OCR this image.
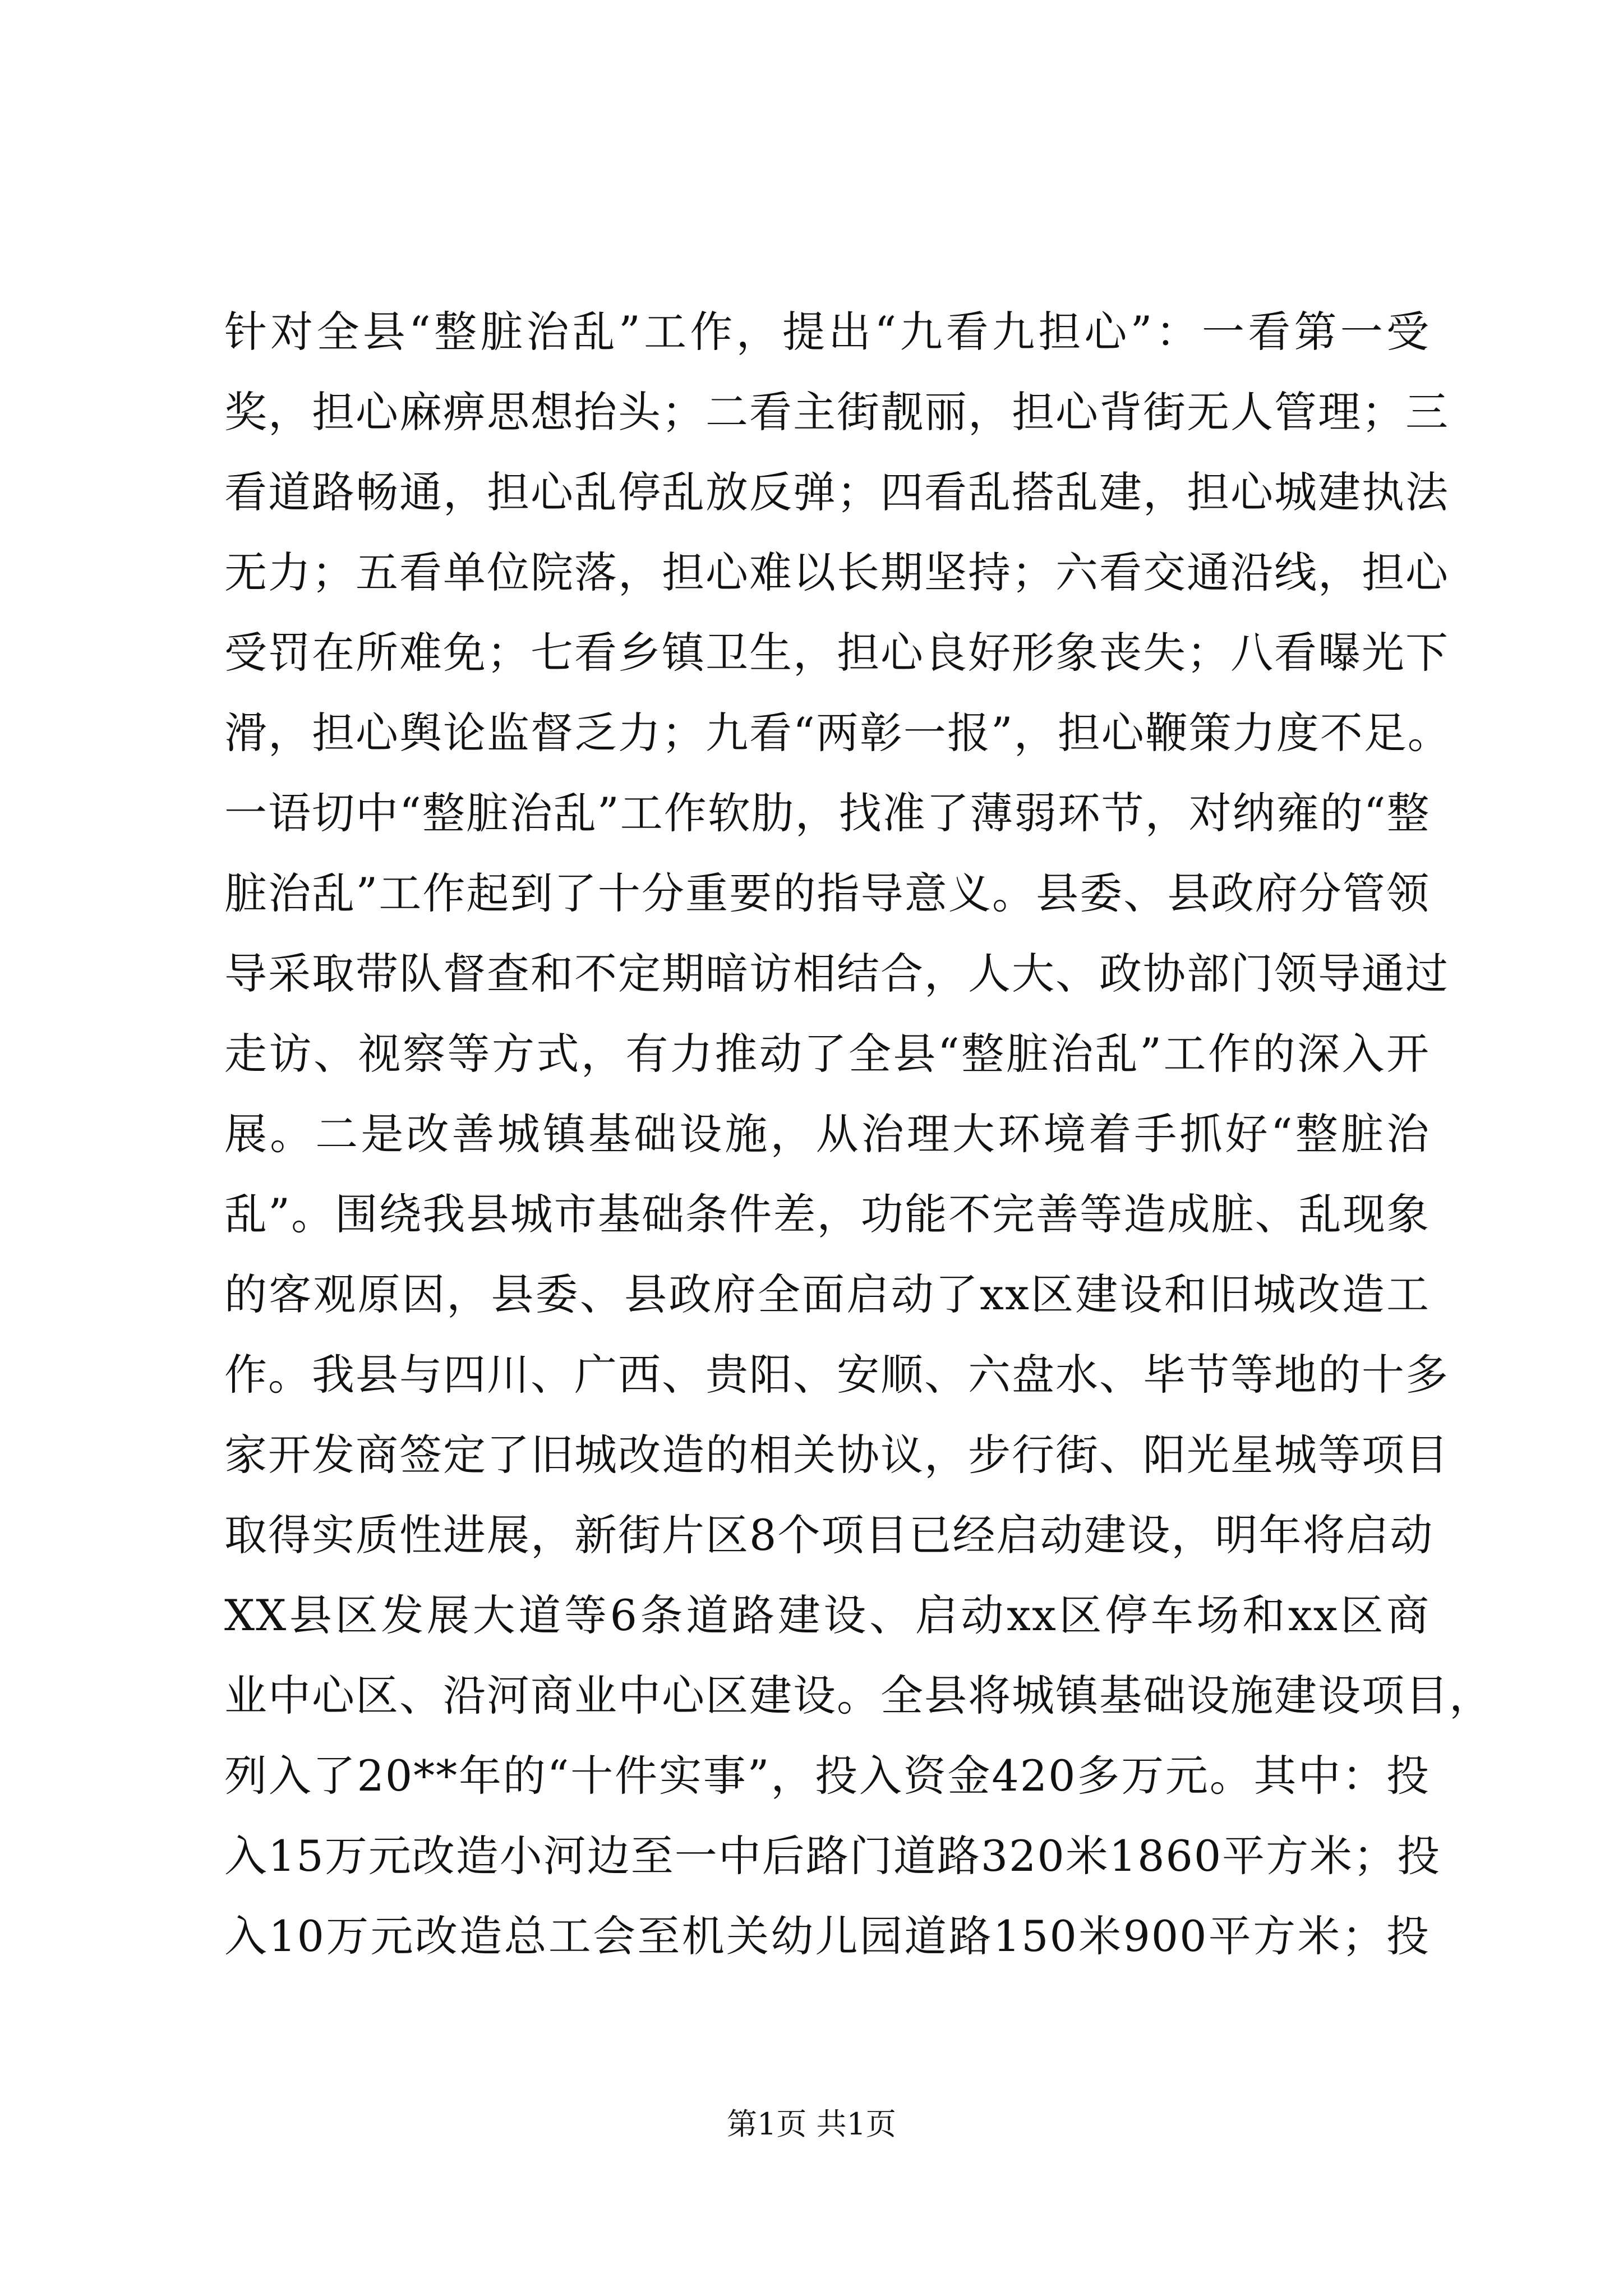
针对全县“整脏治乱”工作，提出“九看九担心”：一看第一受
奖，担心麻痹思想抬头；二看主街靓丽，担心背街无人管理；三
看道路畅通，担心乱停乱放反弹；四看乱搭乱建，担心城建执法
无力；五看单位院落，担心难以长期坚持；六看交通沿线，担心
受罚在所难免；七看乡镇卫生，担心良好形象丧失；八看曝光下
滑，担心舆论监督乏力；九看“两彰一报”，担心鞭策力度不足。
一语切中“整脏治乱”工作软肋，找准了薄弱环节，对纳雍的“整
脏治乱”工作起到了十分重要的指导意义。县委、县政府分管领
导采取带队督查和不定期暗访相结合，人大、政协部门领导通过
走访、视察等方式，有力推动了全县“整脏治乱”工作的深入开
展。二是改善城镇基础设施，从治理大环境着手抓好“整脏治
乱”。围绕我县城市基础条件差，功能不完善等造成脏、乱现象
的客观原因，县委、县政府全面启动了xx区建设和旧城改造工
作。我县与四川、广西、贵阳、安顺、六盘水、毕节等地的十多
家开发商签定了旧城改造的相关协议，步行街、阳光星城等项目
取得实质性进展，新街片区8个项目已经启动建设，明年将启动
XX县区发展大道等6条道路建设、启动xx区停车场和xx区商
业中心区、沿河商业中心区建设。全县将城镇基础设施建设项目，
列入了20**年的“十件实事”，投入资金420多万元。其中：投
入15万元改造小河边至一中后路门道路320米1860平方米；投
入10万元改造总工会至机关幼儿园道路150米900平方米；投
第1页 共1页
